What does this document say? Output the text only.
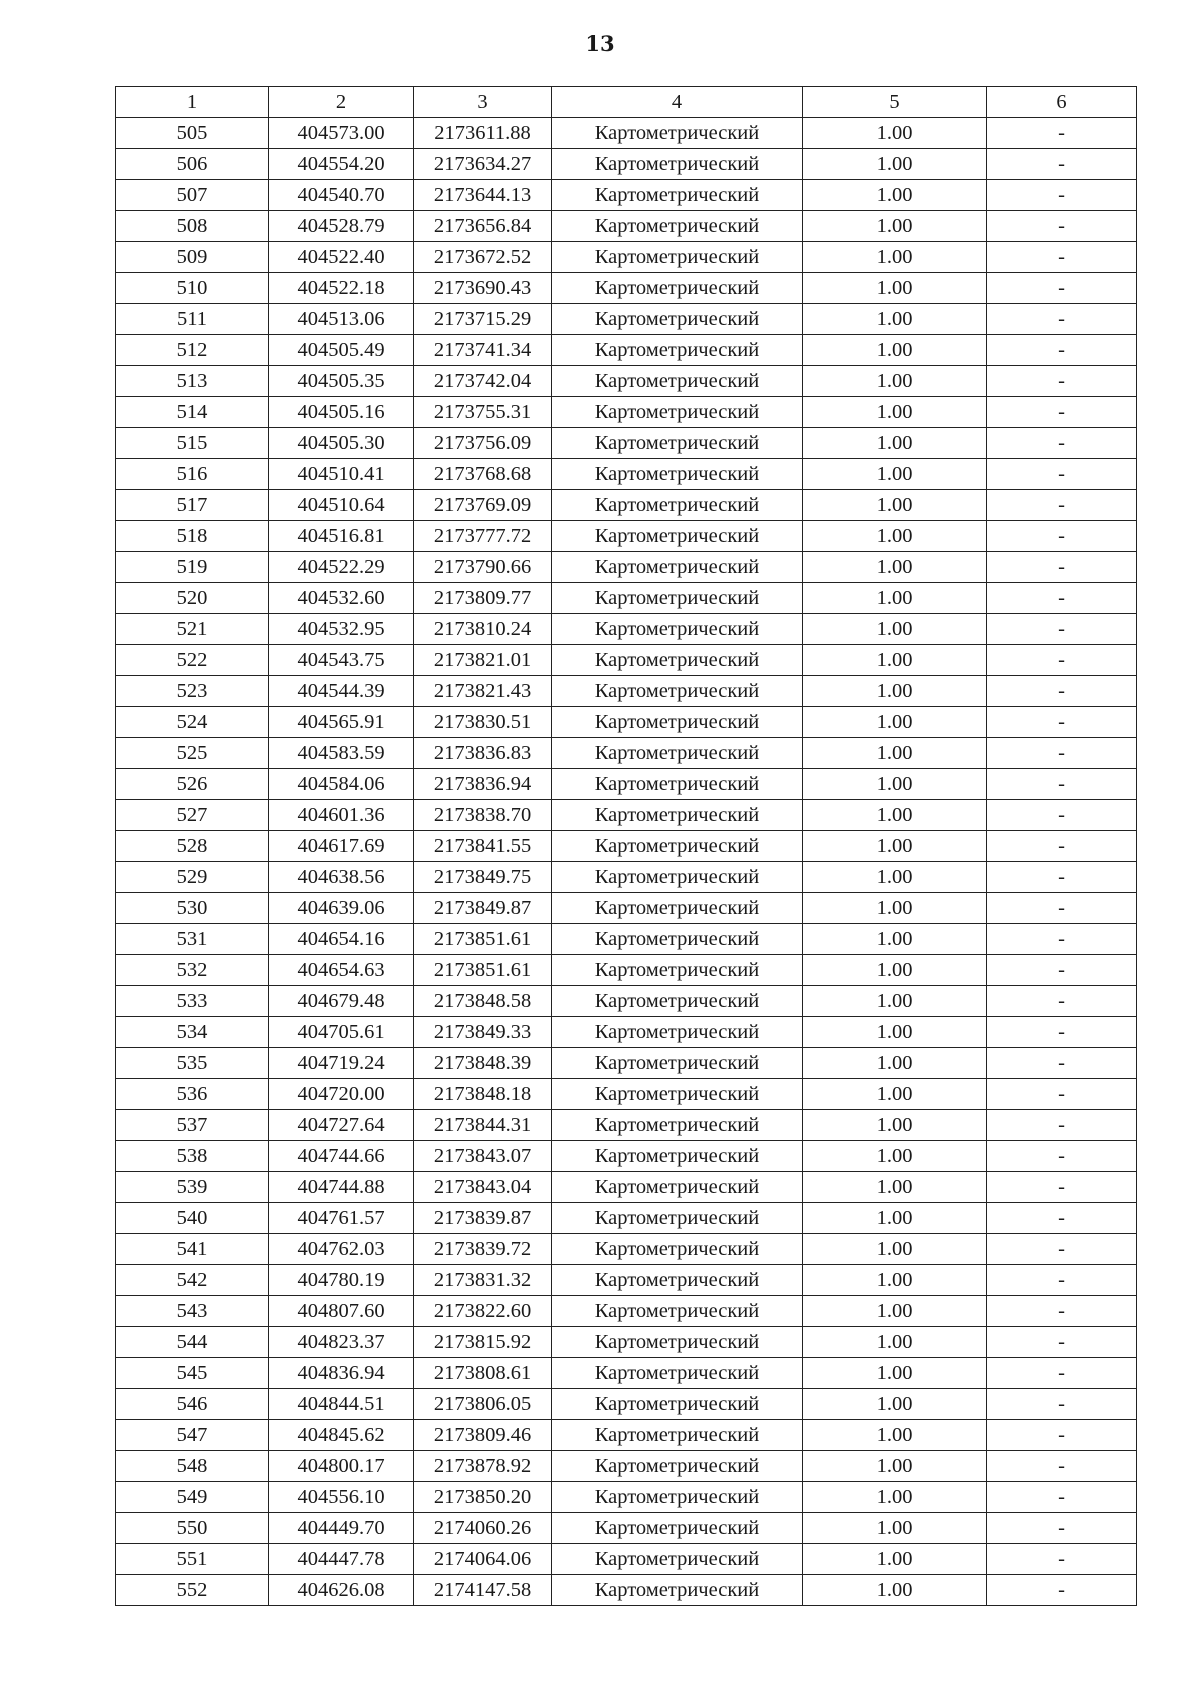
13
1	2	3	4	5	6
505	404573.00	2173611.88	Картометрический	1.00	-
506	404554.20	2173634.27	Картометрический	1.00	-
507	404540.70	2173644.13	Картометрический	1.00	-
508	404528.79	2173656.84	Картометрический	1.00	-
509	404522.40	2173672.52	Картометрический	1.00	-
510	404522.18	2173690.43	Картометрический	1.00	-
511	404513.06	2173715.29	Картометрический	1.00	-
512	404505.49	2173741.34	Картометрический	1.00	-
513	404505.35	2173742.04	Картометрический	1.00	-
514	404505.16	2173755.31	Картометрический	1.00	-
515	404505.30	2173756.09	Картометрический	1.00	-
516	404510.41	2173768.68	Картометрический	1.00	-
517	404510.64	2173769.09	Картометрический	1.00	-
518	404516.81	2173777.72	Картометрический	1.00	-
519	404522.29	2173790.66	Картометрический	1.00	-
520	404532.60	2173809.77	Картометрический	1.00	-
521	404532.95	2173810.24	Картометрический	1.00	-
522	404543.75	2173821.01	Картометрический	1.00	-
523	404544.39	2173821.43	Картометрический	1.00	-
524	404565.91	2173830.51	Картометрический	1.00	-
525	404583.59	2173836.83	Картометрический	1.00	-
526	404584.06	2173836.94	Картометрический	1.00	-
527	404601.36	2173838.70	Картометрический	1.00	-
528	404617.69	2173841.55	Картометрический	1.00	-
529	404638.56	2173849.75	Картометрический	1.00	-
530	404639.06	2173849.87	Картометрический	1.00	-
531	404654.16	2173851.61	Картометрический	1.00	-
532	404654.63	2173851.61	Картометрический	1.00	-
533	404679.48	2173848.58	Картометрический	1.00	-
534	404705.61	2173849.33	Картометрический	1.00	-
535	404719.24	2173848.39	Картометрический	1.00	-
536	404720.00	2173848.18	Картометрический	1.00	-
537	404727.64	2173844.31	Картометрический	1.00	-
538	404744.66	2173843.07	Картометрический	1.00	-
539	404744.88	2173843.04	Картометрический	1.00	-
540	404761.57	2173839.87	Картометрический	1.00	-
541	404762.03	2173839.72	Картометрический	1.00	-
542	404780.19	2173831.32	Картометрический	1.00	-
543	404807.60	2173822.60	Картометрический	1.00	-
544	404823.37	2173815.92	Картометрический	1.00	-
545	404836.94	2173808.61	Картометрический	1.00	-
546	404844.51	2173806.05	Картометрический	1.00	-
547	404845.62	2173809.46	Картометрический	1.00	-
548	404800.17	2173878.92	Картометрический	1.00	-
549	404556.10	2173850.20	Картометрический	1.00	-
550	404449.70	2174060.26	Картометрический	1.00	-
551	404447.78	2174064.06	Картометрический	1.00	-
552	404626.08	2174147.58	Картометрический	1.00	-
